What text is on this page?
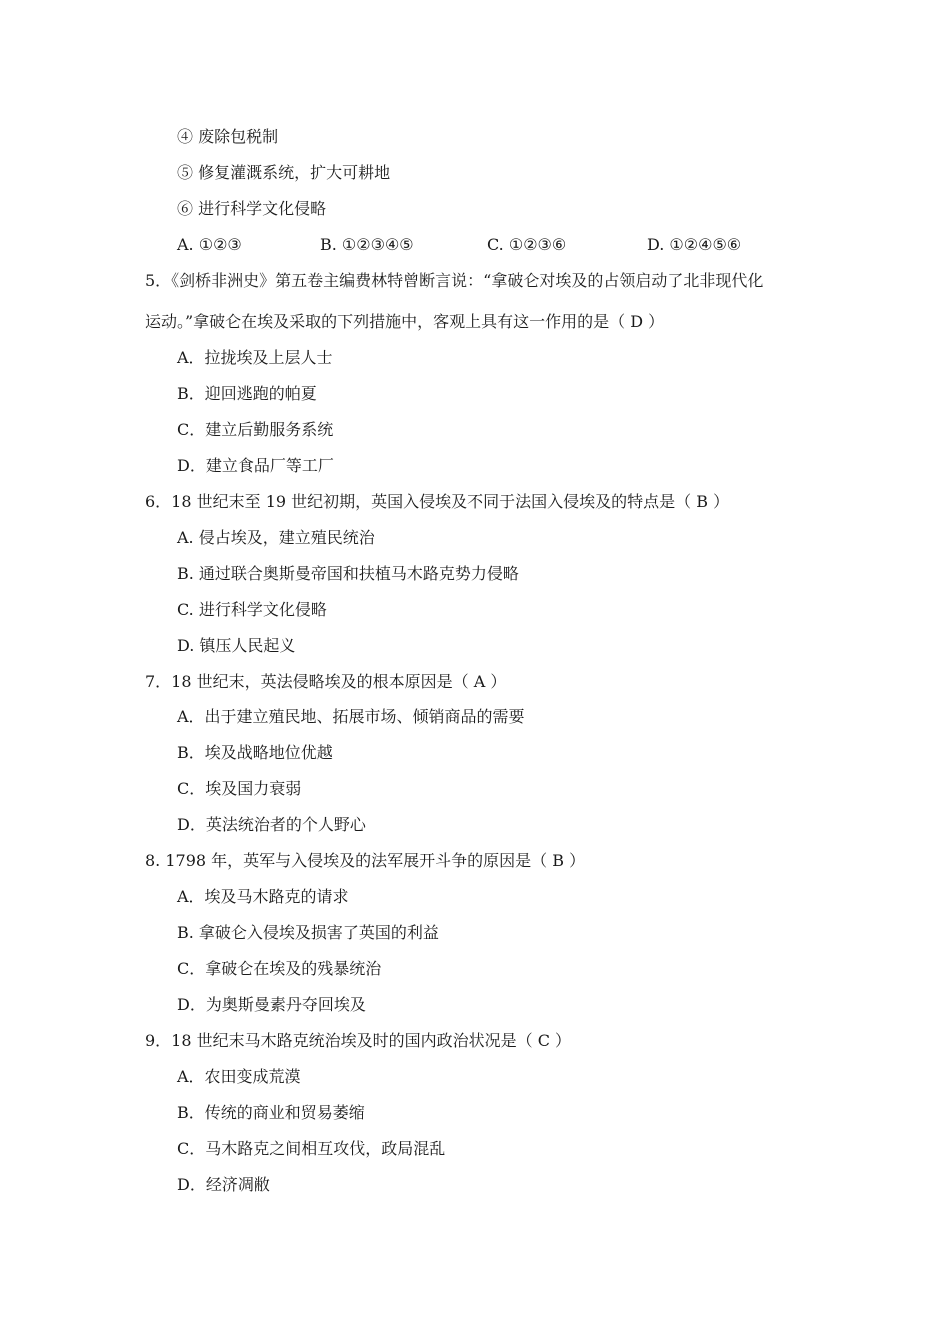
④ 废除包税制
⑤ 修复灌溉系统，扩大可耕地
⑥ 进行科学文化侵略
A. ①②③	B. ①②③④⑤	C. ①②③⑥	D. ①②④⑤⑥
5．《剑桥非洲史》第五卷主编费林特曾断言说：“拿破仑对埃及的占领启动了北非现代化
运动。”拿破仑在埃及采取的下列措施中，客观上具有这一作用的是（ D ）
A．拉拢埃及上层人士
B．迎回逃跑的帕夏
C．建立后勤服务系统
D．建立食品厂等工厂
6．18 世纪末至 19 世纪初期，英国入侵埃及不同于法国入侵埃及的特点是（ B ）
A. 侵占埃及，建立殖民统治
B. 通过联合奥斯曼帝国和扶植马木路克势力侵略
C. 进行科学文化侵略
D. 镇压人民起义
7．18 世纪末，英法侵略埃及的根本原因是（ A ）
A．出于建立殖民地、拓展市场、倾销商品的需要
B．埃及战略地位优越
C．埃及国力衰弱
D．英法统治者的个人野心
8. 1798 年，英军与入侵埃及的法军展开斗争的原因是（ B ）
A．埃及马木路克的请求
B. 拿破仑入侵埃及损害了英国的利益
C．拿破仑在埃及的残暴统治
D．为奥斯曼素丹夺回埃及
9．18 世纪末马木路克统治埃及时的国内政治状况是（ C ）
A．农田变成荒漠
B．传统的商业和贸易萎缩
C．马木路克之间相互攻伐，政局混乱
D．经济凋敝
